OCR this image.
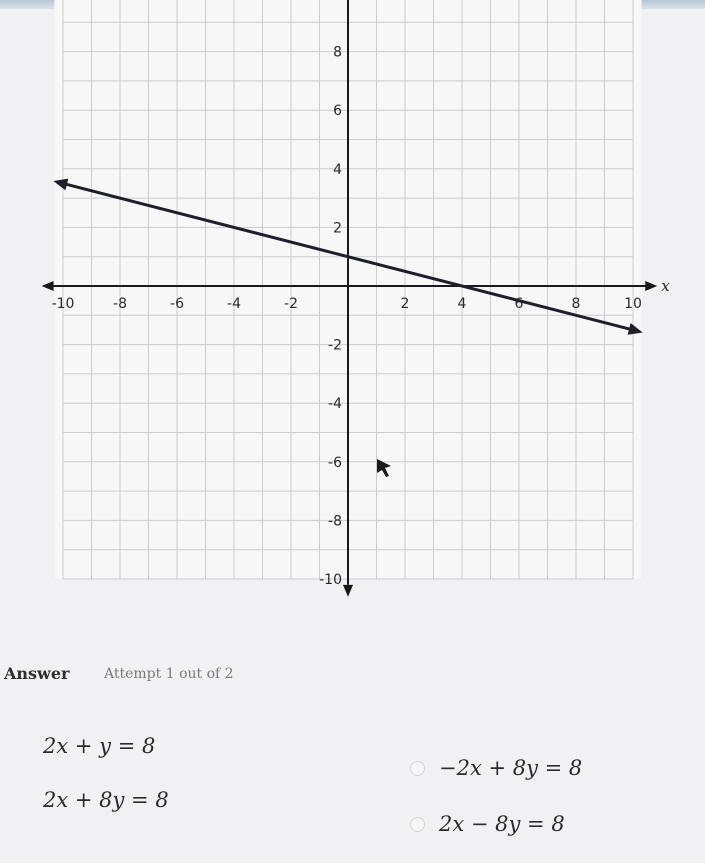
x
-10	-8	-6	-4	-2	2	4	6	8	10
8
6
4
2
-2
-4
-6
-8
-10
Answer Attempt 1 out of 2
2x + y = 8
2x + 8y = 8
−2x + 8y = 8
2x − 8y = 8
